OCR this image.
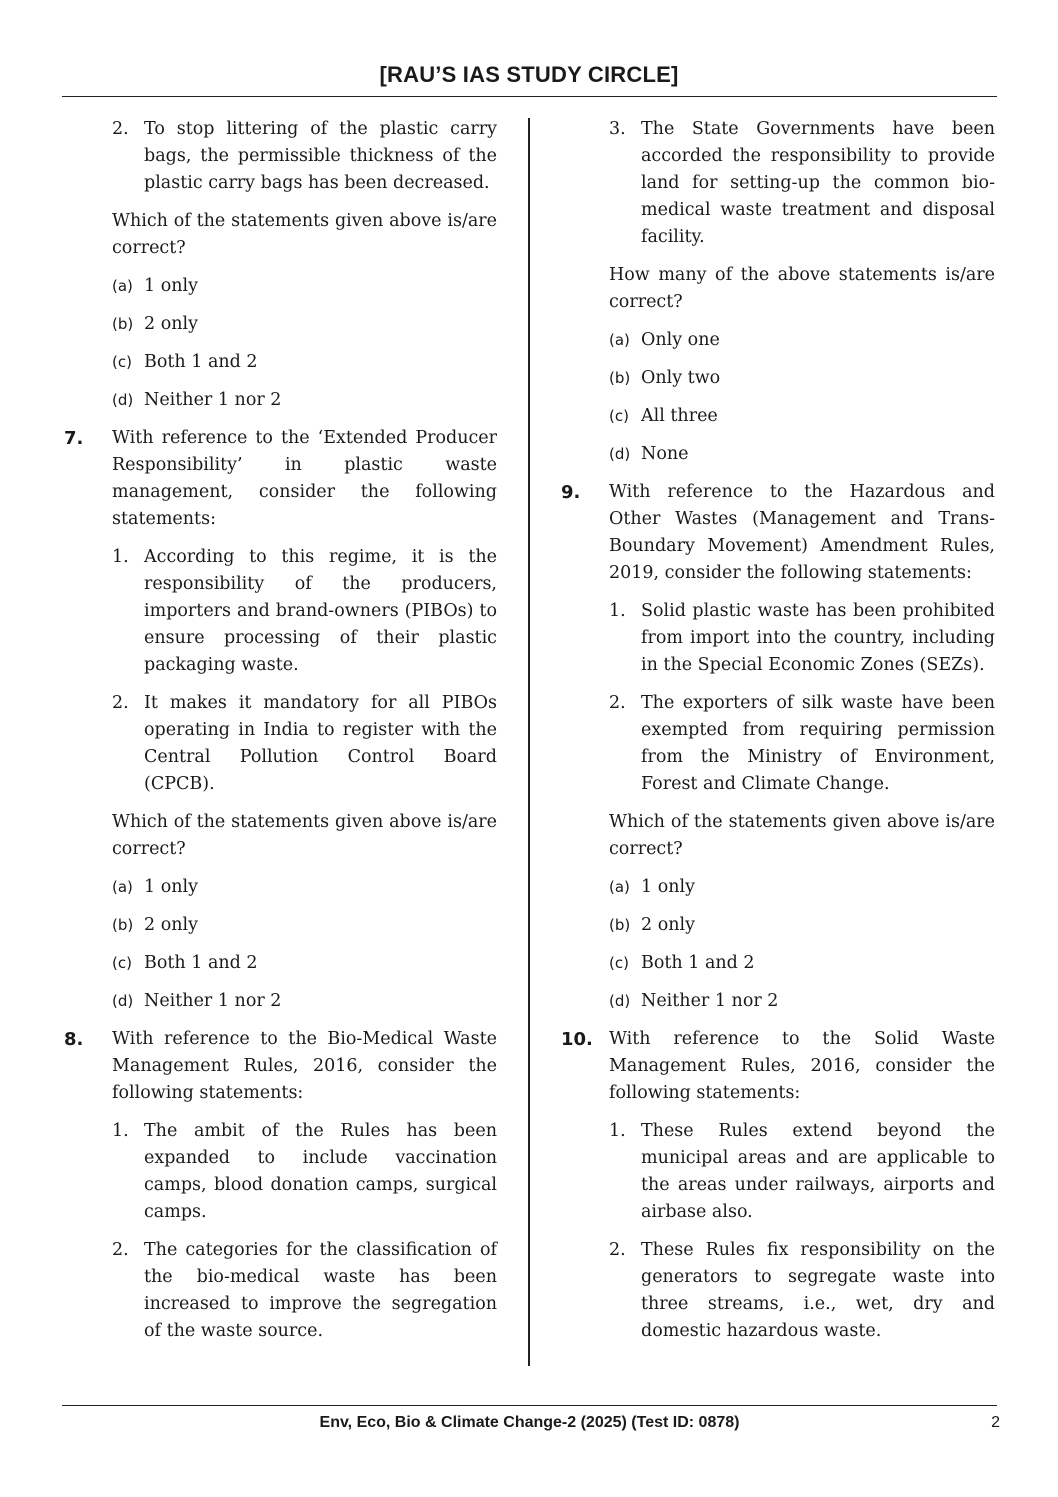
[RAU’S IAS STUDY CIRCLE]
2. To stop littering of the plastic carry bags, the permissible thickness of the plastic carry bags has been decreased.

Which of the statements given above is/are correct?

(a) 1 only
(b) 2 only
(c) Both 1 and 2
(d) Neither 1 nor 2
7. With reference to the ‘Extended Producer Responsibility’ in plastic waste management, consider the following statements:

1. According to this regime, it is the responsibility of the producers, importers and brand-owners (PIBOs) to ensure processing of their plastic packaging waste.
2. It makes it mandatory for all PIBOs operating in India to register with the Central Pollution Control Board (CPCB).

Which of the statements given above is/are correct?

(a) 1 only
(b) 2 only
(c) Both 1 and 2
(d) Neither 1 nor 2
8. With reference to the Bio-Medical Waste Management Rules, 2016, consider the following statements:

1. The ambit of the Rules has been expanded to include vaccination camps, blood donation camps, surgical camps.
2. The categories for the classification of the bio-medical waste has been increased to improve the segregation of the waste source.
3. The State Governments have been accorded the responsibility to provide land for setting-up the common bio-medical waste treatment and disposal facility.

How many of the above statements is/are correct?

(a) Only one
(b) Only two
(c) All three
(d) None
9. With reference to the Hazardous and Other Wastes (Management and Trans-Boundary Movement) Amendment Rules, 2019, consider the following statements:

1. Solid plastic waste has been prohibited from import into the country, including in the Special Economic Zones (SEZs).
2. The exporters of silk waste have been exempted from requiring permission from the Ministry of Environment, Forest and Climate Change.

Which of the statements given above is/are correct?

(a) 1 only
(b) 2 only
(c) Both 1 and 2
(d) Neither 1 nor 2
10. With reference to the Solid Waste Management Rules, 2016, consider the following statements:

1. These Rules extend beyond the municipal areas and are applicable to the areas under railways, airports and airbase also.
2. These Rules fix responsibility on the generators to segregate waste into three streams, i.e., wet, dry and domestic hazardous waste.
Env, Eco, Bio & Climate Change-2 (2025) (Test ID: 0878)	2
